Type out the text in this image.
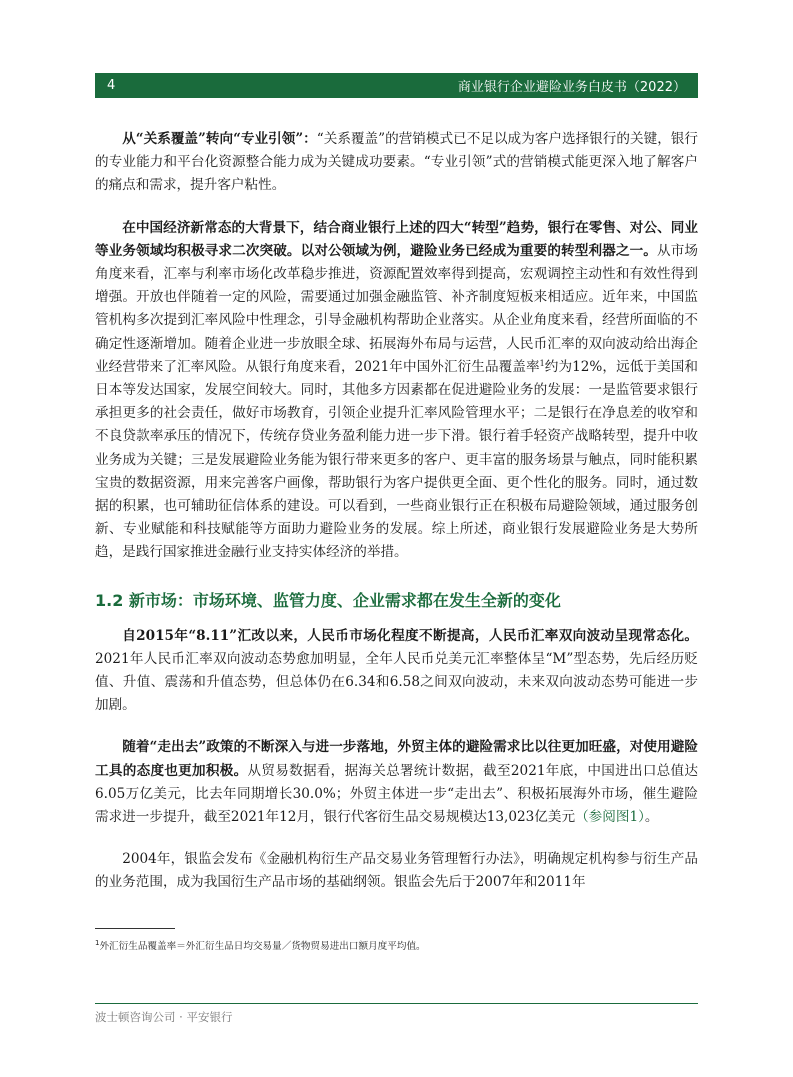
4	商业银行企业避险业务白皮书（2022）

从“关系覆盖”转向“专业引领”：“关系覆盖”的营销模式已不足以成为客户选择银行的关键，银行的专业能力和平台化资源整合能力成为关键成功要素。“专业引领”式的营销模式能更深入地了解客户的痛点和需求，提升客户粘性。

在中国经济新常态的大背景下，结合商业银行上述的四大“转型”趋势，银行在零售、对公、同业等业务领域均积极寻求二次突破。以对公领域为例，避险业务已经成为重要的转型利器之一。从市场角度来看，汇率与利率市场化改革稳步推进，资源配置效率得到提高，宏观调控主动性和有效性得到增强。开放也伴随着一定的风险，需要通过加强金融监管、补齐制度短板来相适应。近年来，中国监管机构多次提到汇率风险中性理念，引导金融机构帮助企业落实。从企业角度来看，经营所面临的不确定性逐渐增加。随着企业进一步放眼全球、拓展海外布局与运营，人民币汇率的双向波动给出海企业经营带来了汇率风险。从银行角度来看，2021年中国外汇衍生品覆盖率$^1$约为12%，远低于美国和日本等发达国家，发展空间较大。同时，其他多方因素都在促进避险业务的发展：一是监管要求银行承担更多的社会责任，做好市场教育，引领企业提升汇率风险管理水平；二是银行在净息差的收窄和不良贷款率承压的情况下，传统存贷业务盈利能力进一步下滑。银行着手轻资产战略转型，提升中收业务成为关键；三是发展避险业务能为银行带来更多的客户、更丰富的服务场景与触点，同时能积累宝贵的数据资源，用来完善客户画像，帮助银行为客户提供更全面、更个性化的服务。同时，通过数据的积累，也可辅助征信体系的建设。可以看到，一些商业银行正在积极布局避险领域，通过服务创新、专业赋能和科技赋能等方面助力避险业务的发展。综上所述，商业银行发展避险业务是大势所趋，是践行国家推进金融行业支持实体经济的举措。

1.2 新市场：市场环境、监管力度、企业需求都在发生全新的变化

自2015年“8.11”汇改以来，人民币市场化程度不断提高，人民币汇率双向波动呈现常态化。2021年人民币汇率双向波动态势愈加明显，全年人民币兑美元汇率整体呈“M”型态势，先后经历贬值、升值、震荡和升值态势，但总体仍在6.34和6.58之间双向波动，未来双向波动态势可能进一步加剧。

随着“走出去”政策的不断深入与进一步落地，外贸主体的避险需求比以往更加旺盛，对使用避险工具的态度也更加积极。从贸易数据看，据海关总署统计数据，截至2021年底，中国进出口总值达6.05万亿美元，比去年同期增长30.0%；外贸主体进一步“走出去”、积极拓展海外市场，催生避险需求进一步提升，截至2021年12月，银行代客衍生品交易规模达13,023亿美元（参阅图1）。

2004年，银监会发布《金融机构衍生产品交易业务管理暂行办法》，明确规定机构参与衍生产品的业务范围，成为我国衍生产品市场的基础纲领。银监会先后于2007年和2011年

$^1$外汇衍生品覆盖率＝外汇衍生品日均交易量／货物贸易进出口额月度平均值。
波士顿咨询公司 · 平安银行
